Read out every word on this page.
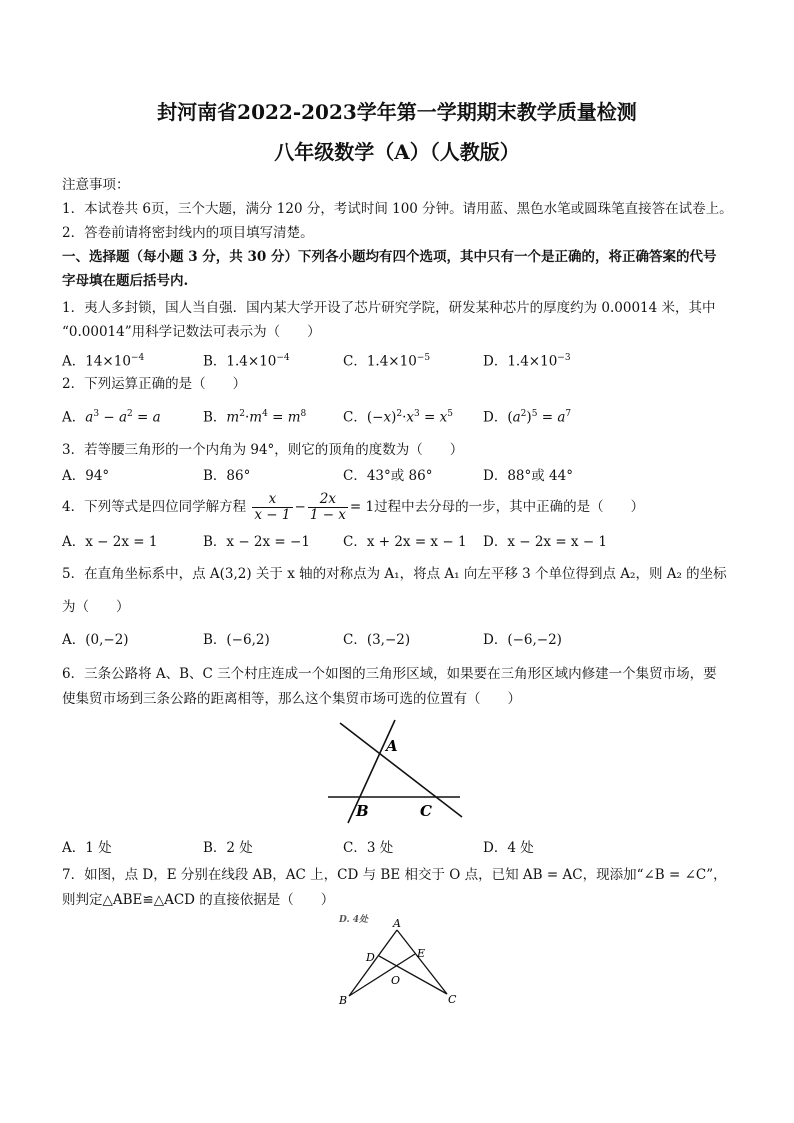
封河南省2022-2023学年第一学期期末教学质量检测
八年级数学（A）（人教版）
注意事项：
1．本试卷共 6页，三个大题，满分 120 分，考试时间 100 分钟。请用蓝、黑色水笔或圆珠笔直接答在试卷上。
2．答卷前请将密封线内的项目填写清楚。
一、选择题（每小题 3 分，共 30 分）下列各小题均有四个选项，其中只有一个是正确的，将正确答案的代号
字母填在题后括号内.
1．夷人多封锁，国人当自强．国内某大学开设了芯片研究学院，研发某种芯片的厚度约为 0.00014 米，其中
“0.00014”用科学记数法可表示为（　　）
A．$14\times 10^{-4}$	B．$1.4\times 10^{-4}$	C．$1.4\times 10^{-5}$	D．$1.4\times 10^{-3}$
2．下列运算正确的是（　　）
A．$a^3 - a^2 = a$	B．$m^2\cdot m^4 = m^8$	C．$(-x)^2\cdot x^3 = x^5$ D．$(a^2)^5 = a^7$
3．若等腰三角形的一个内角为 94°，则它的顶角的度数为（　　）
A．94°	B．86°	C．43°或 86°	D．88°或 44°
4．下列等式是四位同学解方程 $\frac{x}{x - 1} - \frac{2x}{1 - x} = 1$过程中去分母的一步，其中正确的是（　　）
A．x − 2x = 1	B．x − 2x = −1 C．x + 2x = x − 1 D．x − 2x = x − 1
5．在直角坐标系中，点 A(3,2) 关于 x 轴的对称点为 A₁，将点 A₁ 向左平移 3 个单位得到点 A₂，则 A₂ 的坐标
为（　　）
A．(0,−2)	B．(−6,2)	C．(3,−2)	D．(−6,−2)
6．三条公路将 A、B、C 三个村庄连成一个如图的三角形区域，如果要在三角形区域内修建一个集贸市场，要
使集贸市场到三条公路的距离相等，那么这个集贸市场可选的位置有（　　）
A
B	C
A．1 处	B．2 处	C．3 处	D．4 处
7．如图，点 D，E 分别在线段 AB，AC 上，CD 与 BE 相交于 O 点，已知 AB = AC，现添加“∠B = ∠C”，
则判定△ABE≌△ACD 的直接依据是（　　）
D. 4处 A
D	E
O
B	C
